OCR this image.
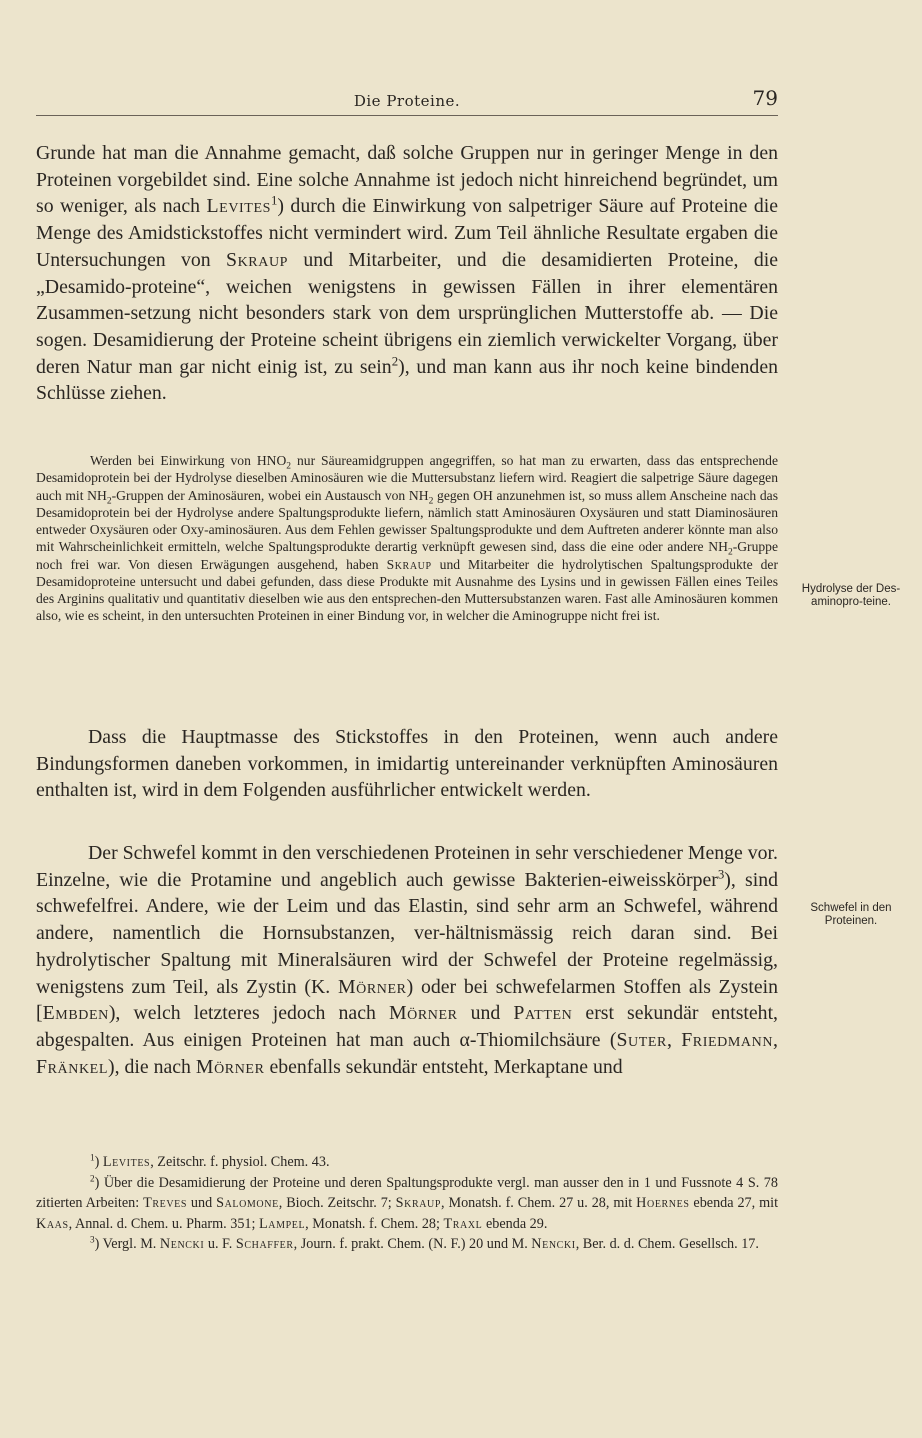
Die Proteine.	79

Grunde hat man die Annahme gemacht, daß solche Gruppen nur in geringer Menge in den Proteinen vorgebildet sind. Eine solche Annahme ist jedoch nicht hinreichend begründet, um so weniger, als nach Levites$^1$) durch die Einwirkung von salpetriger Säure auf Proteine die Menge des Amidstickstoffes nicht vermindert wird. Zum Teil ähnliche Resultate ergaben die Untersuchungen von Skraup und Mitarbeiter, und die desamidierten Proteine, die „Desamido-proteine“, weichen wenigstens in gewissen Fällen in ihrer elementären Zusammen-setzung nicht besonders stark von dem ursprünglichen Mutterstoffe ab. — Die sogen. Desamidierung der Proteine scheint übrigens ein ziemlich verwickelter Vorgang, über deren Natur man gar nicht einig ist, zu sein$^2$), und man kann aus ihr noch keine bindenden Schlüsse ziehen.

Werden bei Einwirkung von $HNO_2$ nur Säureamidgruppen angegriffen, so hat man zu erwarten, dass das entsprechende Desamidoprotein bei der Hydrolyse dieselben Aminosäuren wie die Muttersubstanz liefern wird. Reagiert die salpetrige Säure dagegen auch mit $NH_2$-Gruppen der Aminosäuren, wobei ein Austausch von $NH_2$ gegen OH anzunehmen ist, so muss allem Anscheine nach das Desamidoprotein bei der Hydrolyse andere Spaltungsprodukte liefern, nämlich statt Aminosäuren Oxysäuren und statt Diaminosäuren entweder Oxysäuren oder Oxy-aminosäuren. Aus dem Fehlen gewisser Spaltungsprodukte und dem Auftreten anderer könnte man also mit Wahrscheinlichkeit ermitteln, welche Spaltungsprodukte derartig verknüpft gewesen sind, dass die eine oder andere $NH_2$-Gruppe noch frei war. Von diesen Erwägungen ausgehend, haben Skraup und Mitarbeiter die hydrolytischen Spaltungsprodukte der Desamidoproteine untersucht und dabei gefunden, dass diese Produkte mit Ausnahme des Lysins und in gewissen Fällen eines Teiles des Arginins qualitativ und quantitativ dieselben wie aus den entsprechen-den Muttersubstanzen waren. Fast alle Aminosäuren kommen also, wie es scheint, in den untersuchten Proteinen in einer Bindung vor, in welcher die Aminogruppe nicht frei ist.

Hydrolyse der Des-aminopro-teine.

Dass die Hauptmasse des Stickstoffes in den Proteinen, wenn auch andere Bindungsformen daneben vorkommen, in imidartig untereinander verknüpften Aminosäuren enthalten ist, wird in dem Folgenden ausführlicher entwickelt werden.

Der Schwefel kommt in den verschiedenen Proteinen in sehr verschiedener Menge vor. Einzelne, wie die Protamine und angeblich auch gewisse Bakterien-eiweisskörper$^3$), sind schwefelfrei. Andere, wie der Leim und das Elastin, sind sehr arm an Schwefel, während andere, namentlich die Hornsubstanzen, ver-hältnismässig reich daran sind. Bei hydrolytischer Spaltung mit Mineralsäuren wird der Schwefel der Proteine regelmässig, wenigstens zum Teil, als Zystin (K. Mörner) oder bei schwefelarmen Stoffen als Zystein [Embden), welch letzteres jedoch nach Mörner und Patten erst sekundär entsteht, abgespalten. Aus einigen Proteinen hat man auch α-Thiomilchsäure (Suter, Friedmann, Fränkel), die nach Mörner ebenfalls sekundär entsteht, Merkaptane und

Schwefel in den Proteinen.

$^1$) Levites, Zeitschr. f. physiol. Chem. 43.

$^2$) Über die Desamidierung der Proteine und deren Spaltungsprodukte vergl. man ausser den in 1 und Fussnote 4 S. 78 zitierten Arbeiten: Treves und Salomone, Bioch. Zeitschr. 7; Skraup, Monatsh. f. Chem. 27 u. 28, mit Hoernes ebenda 27, mit Kaas, Annal. d. Chem. u. Pharm. 351; Lampel, Monatsh. f. Chem. 28; Traxl ebenda 29.

$^3$) Vergl. M. Nencki u. F. Schaffer, Journ. f. prakt. Chem. (N. F.) 20 und M. Nencki, Ber. d. d. Chem. Gesellsch. 17.
